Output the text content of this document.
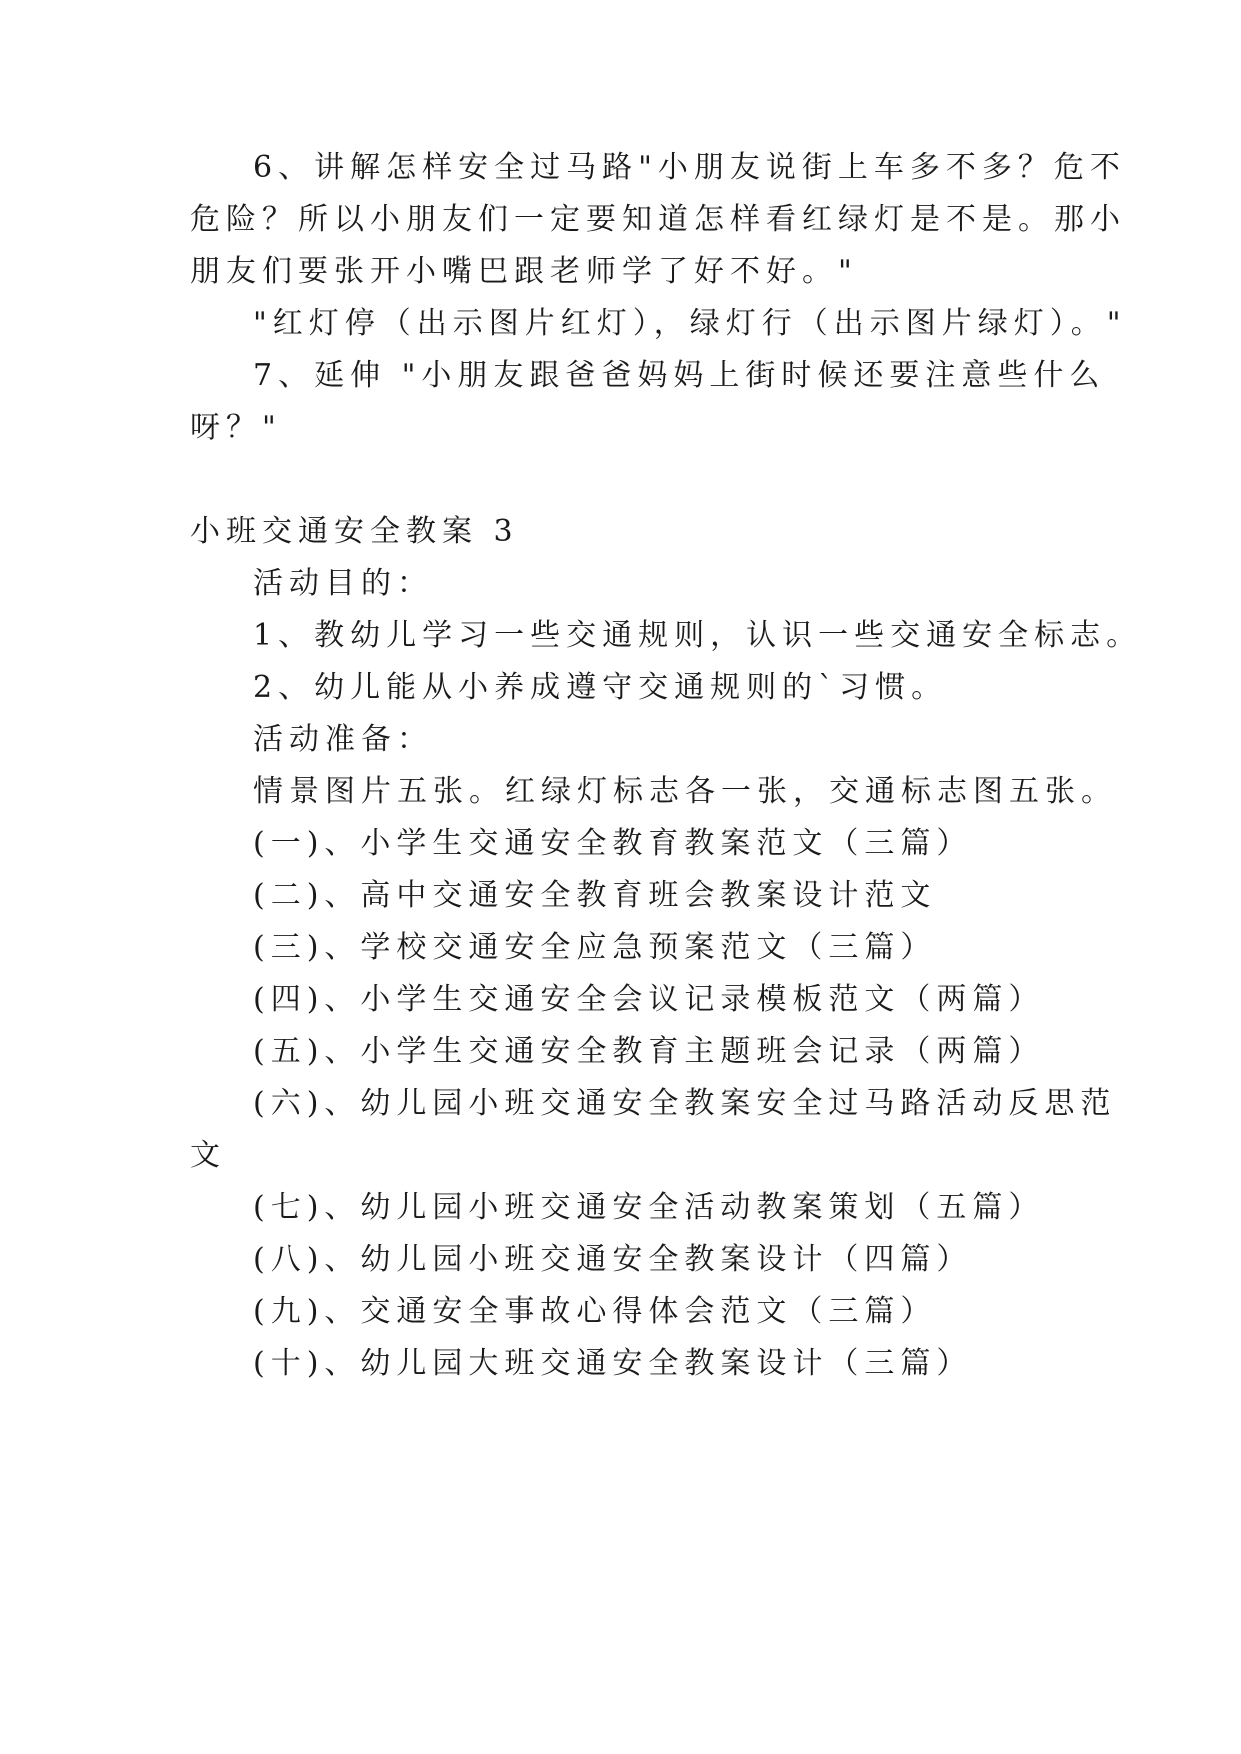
6、讲解怎样安全过马路"小朋友说街上车多不多？危不
危险？所以小朋友们一定要知道怎样看红绿灯是不是。那小
朋友们要张开小嘴巴跟老师学了好不好。"
"红灯停（出示图片红灯），绿灯行（出示图片绿灯）。"
7、延伸 "小朋友跟爸爸妈妈上街时候还要注意些什么
呀？"
小班交通安全教案 3
活动目的：
1、教幼儿学习一些交通规则，认识一些交通安全标志。
2、幼儿能从小养成遵守交通规则的`习惯。
活动准备：
情景图片五张。红绿灯标志各一张，交通标志图五张。
(一)、小学生交通安全教育教案范文（三篇）
(二)、高中交通安全教育班会教案设计范文
(三)、学校交通安全应急预案范文（三篇）
(四)、小学生交通安全会议记录模板范文（两篇）
(五)、小学生交通安全教育主题班会记录（两篇）
(六)、幼儿园小班交通安全教案安全过马路活动反思范
文
(七)、幼儿园小班交通安全活动教案策划（五篇）
(八)、幼儿园小班交通安全教案设计（四篇）
(九)、交通安全事故心得体会范文（三篇）
(十)、幼儿园大班交通安全教案设计（三篇）
